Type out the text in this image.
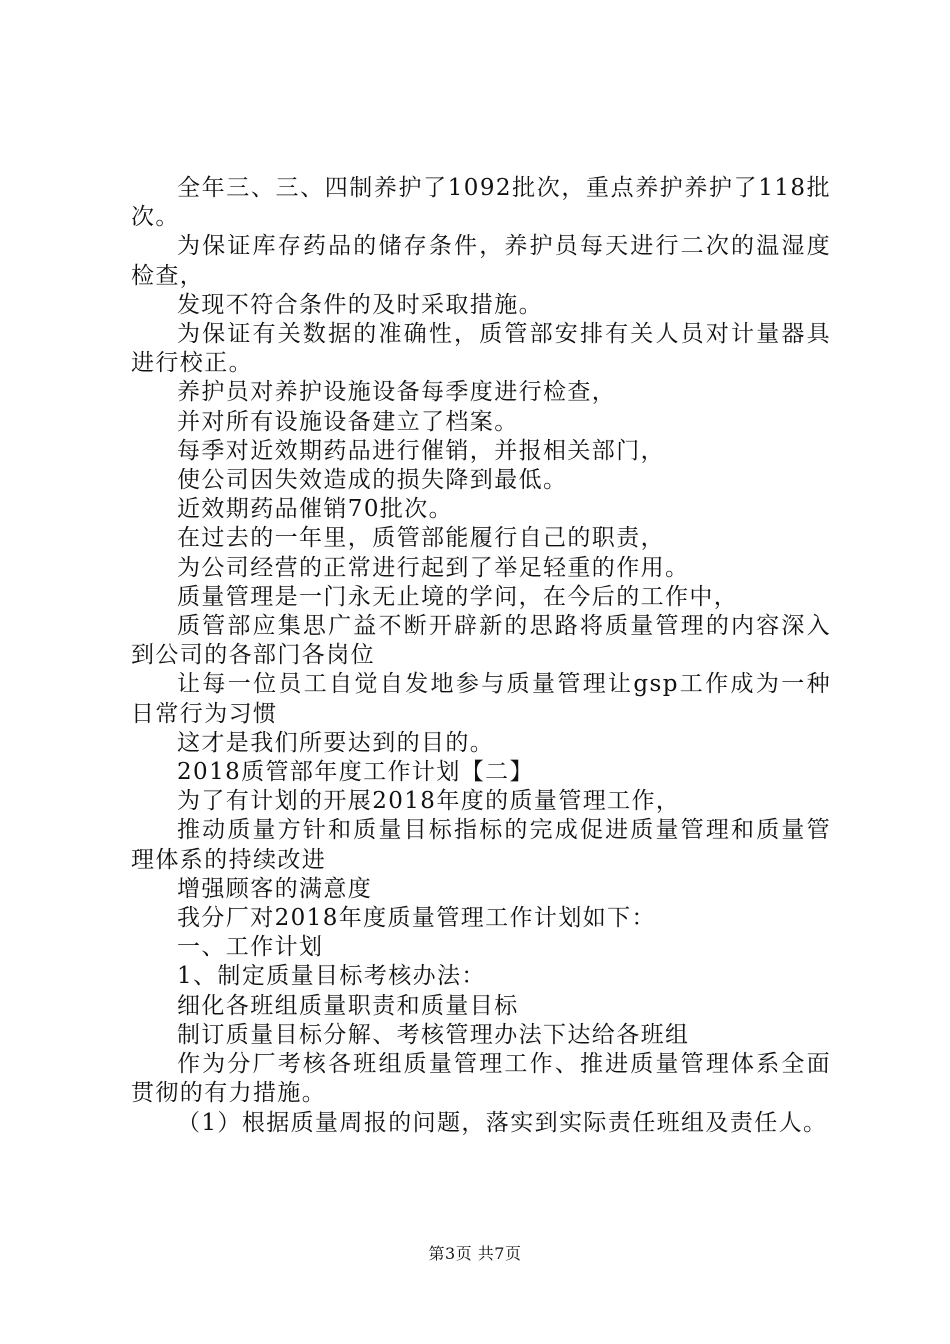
全年三、三、四制养护了1092批次，重点养护养护了118批次。

为保证库存药品的储存条件，养护员每天进行二次的温湿度检查，

发现不符合条件的及时采取措施。

为保证有关数据的准确性，质管部安排有关人员对计量器具进行校正。

养护员对养护设施设备每季度进行检查，

并对所有设施设备建立了档案。

每季对近效期药品进行催销，并报相关部门，

使公司因失效造成的损失降到最低。

近效期药品催销70批次。

在过去的一年里，质管部能履行自己的职责，

为公司经营的正常进行起到了举足轻重的作用。

质量管理是一门永无止境的学问，在今后的工作中，

质管部应集思广益不断开辟新的思路将质量管理的内容深入到公司的各部门各岗位

让每一位员工自觉自发地参与质量管理让gsp工作成为一种日常行为习惯

这才是我们所要达到的目的。

2018质管部年度工作计划【二】

为了有计划的开展2018年度的质量管理工作，

推动质量方针和质量目标指标的完成促进质量管理和质量管理体系的持续改进

增强顾客的满意度

我分厂对2018年度质量管理工作计划如下：

一、工作计划

1、制定质量目标考核办法：

细化各班组质量职责和质量目标

制订质量目标分解、考核管理办法下达给各班组

作为分厂考核各班组质量管理工作、推进质量管理体系全面贯彻的有力措施。

（1）根据质量周报的问题，落实到实际责任班组及责任人。

第3页 共7页
